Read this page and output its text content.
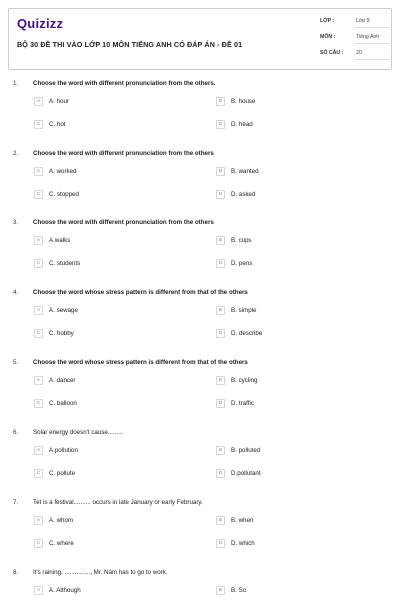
Quizizz
BỘ 30 ĐỀ THI VÀO LỚP 10 MÔN TIẾNG ANH CÓ ĐÁP ÁN - ĐỀ 01
LỚP :	Lớp 9
MÔN :	Tiếng Anh
SỐ CÂU : 20
1. Choose the word with different pronunciation from the others.
A	A. hour	B	B. house
C	C. hot	D	D. head
2. Choose the word with different pronunciation from the others
A	A. worked	B	B. wanted
C	C. stopped	D	D. asked
3. Choose the word with different pronunciation from the others
A	A.walks	B	B. cups
C	C. students	D	D. pens
4. Choose the word whose stress pattern is different from that of the others
A	A. sewage	B	B. simple
C	C. hobby	D	D. describe
5. Choose the word whose stress pattern is different from that of the others
A	A. dancer	B	B. cycling
C	C. balloon	D	D. traffic
6. Solar energy doesn't cause.........
A	A.pollution	B	B. polluted
C	C. pollute	D	D.pollutant
7. Tet is a festival.......... occurs in late January or early February.
A	A. whom	B	B. when
C	C. where	D	D. which
8. It's raining, ..............., Mr. Nam has to go to work.
A	A. Although	B	B. So
